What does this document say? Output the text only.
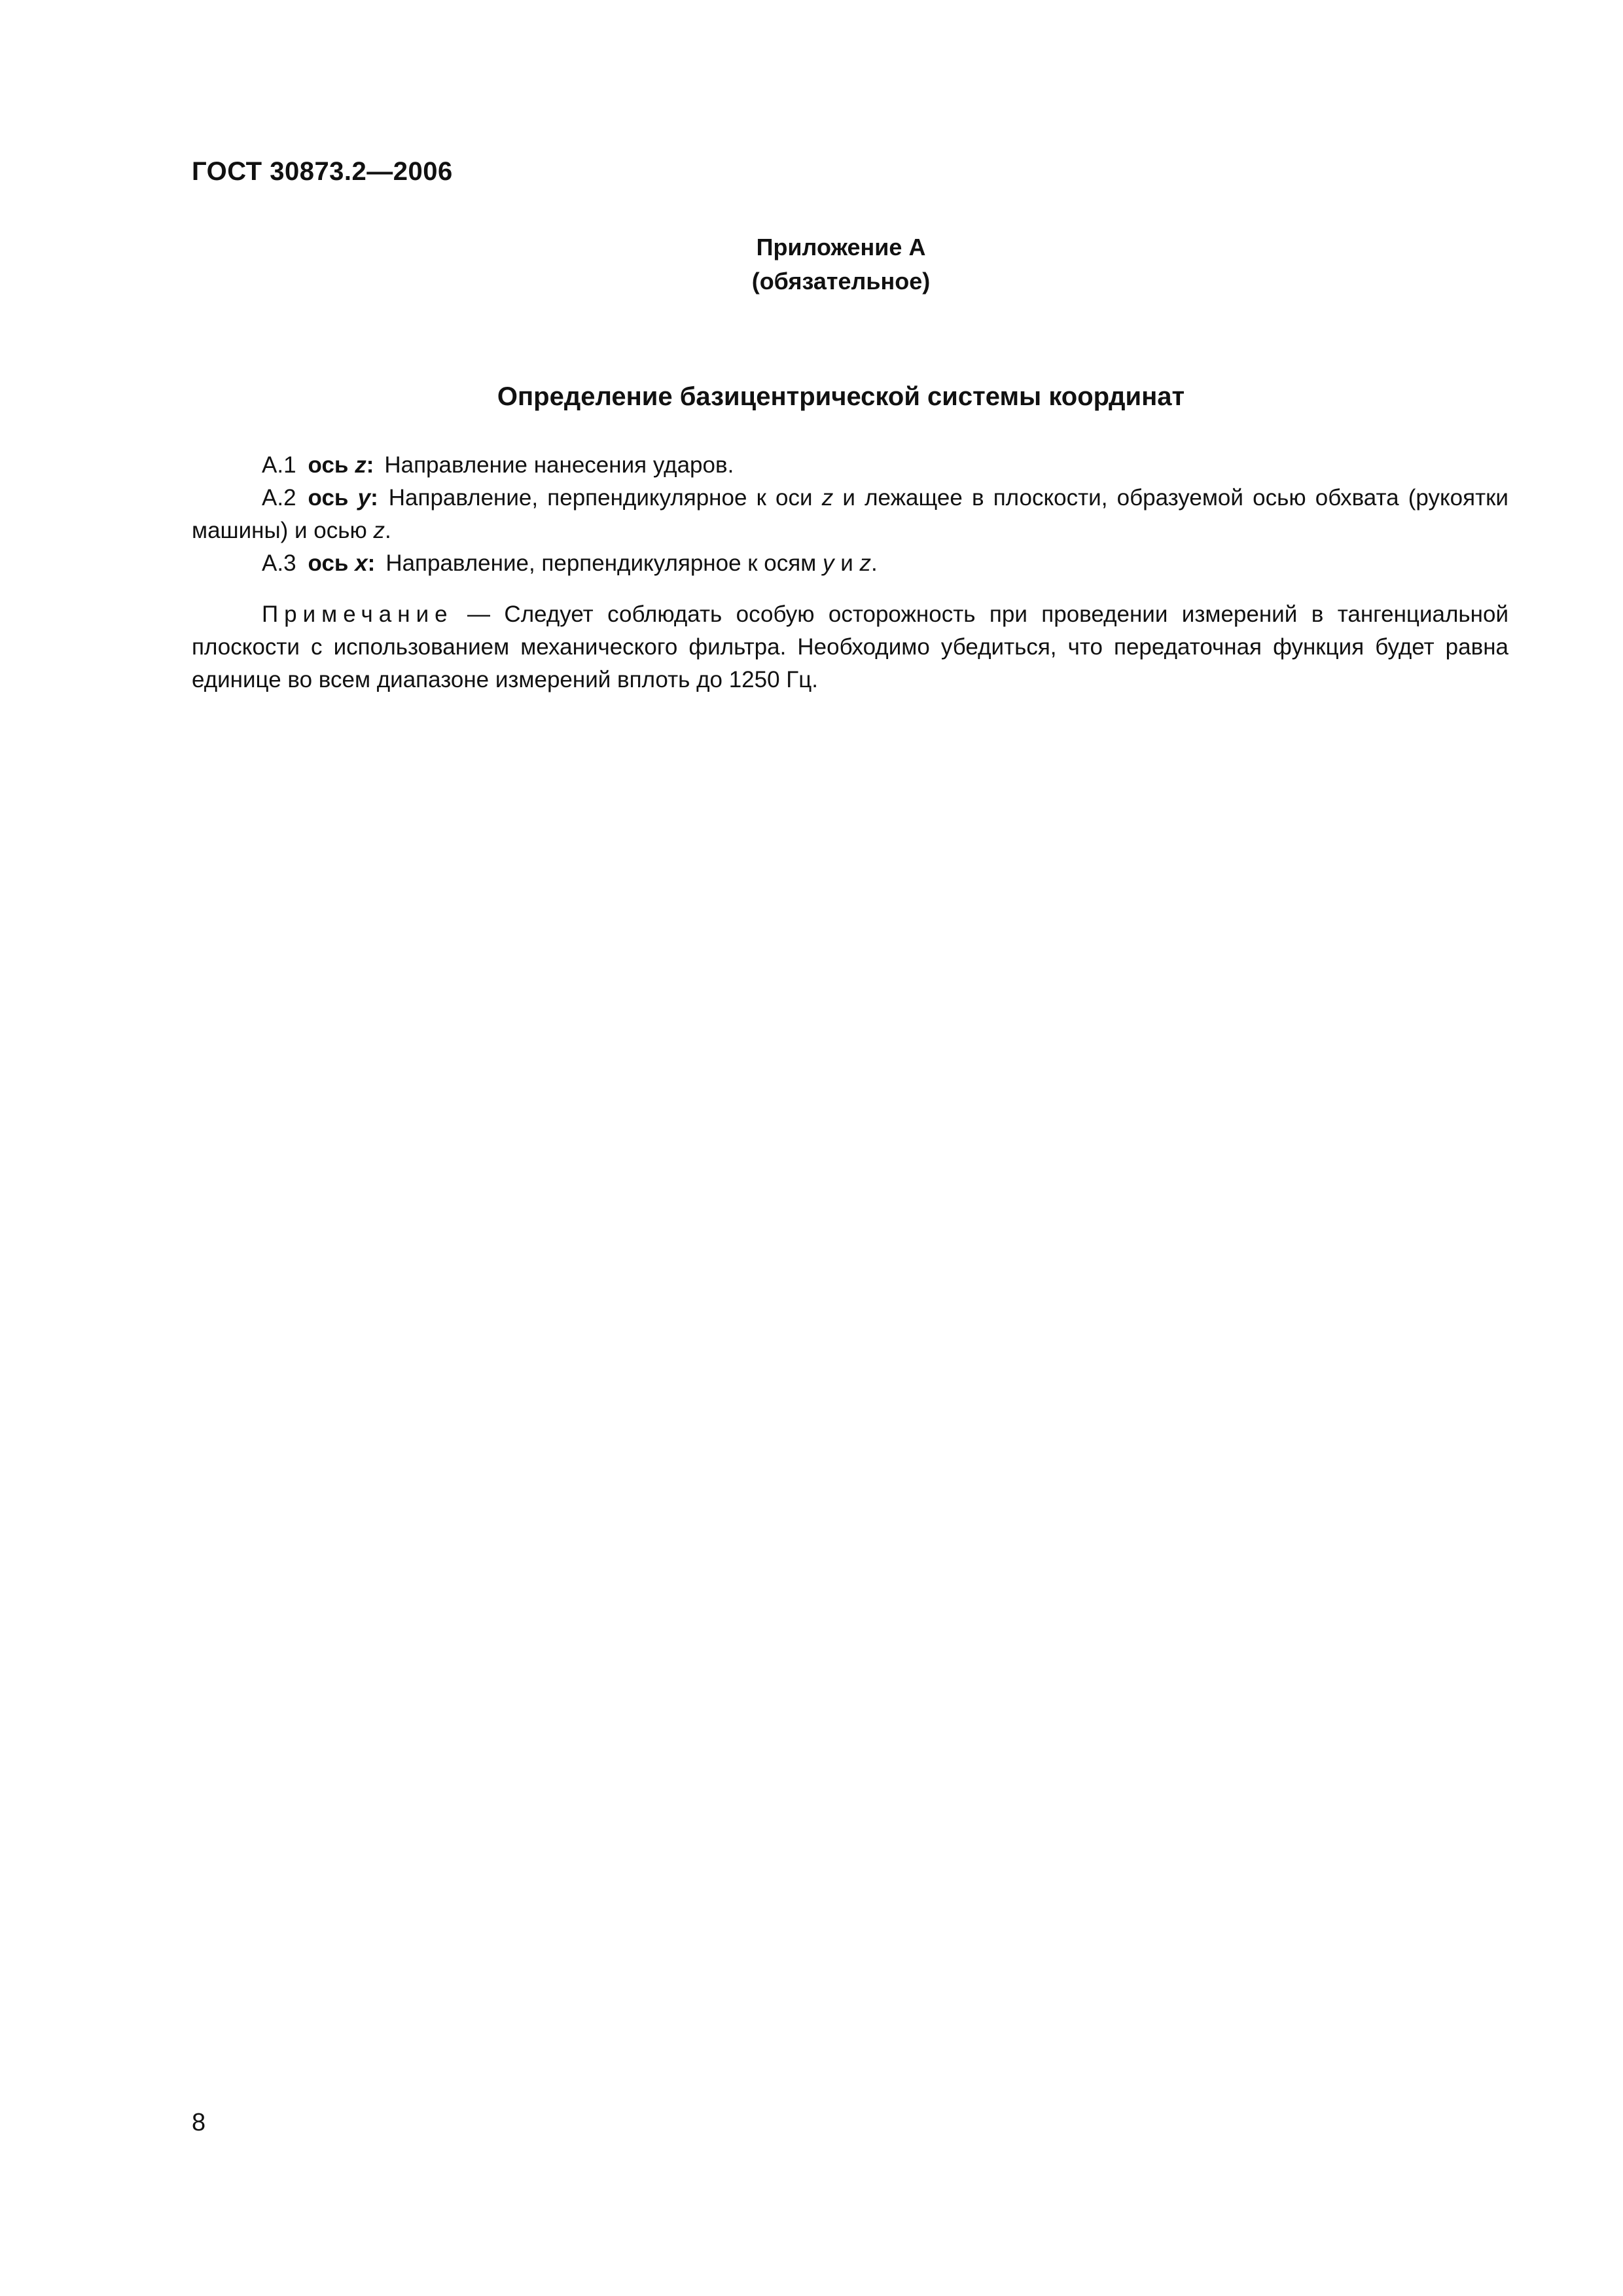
ГОСТ 30873.2—2006
Приложение А
(обязательное)
Определение базицентрической системы координат

А.1 ось z: Направление нанесения ударов.

А.2 ось y: Направление, перпендикулярное к оси z и лежащее в плоскости, образуемой осью обхвата (рукоятки машины) и осью z.

А.3 ось x: Направление, перпендикулярное к осям y и z.

Примечание — Следует соблюдать особую осторожность при проведении измерений в тангенциальной плоскости с использованием механического фильтра. Необходимо убедиться, что передаточная функция будет равна единице во всем диапазоне измерений вплоть до 1250 Гц.

8
